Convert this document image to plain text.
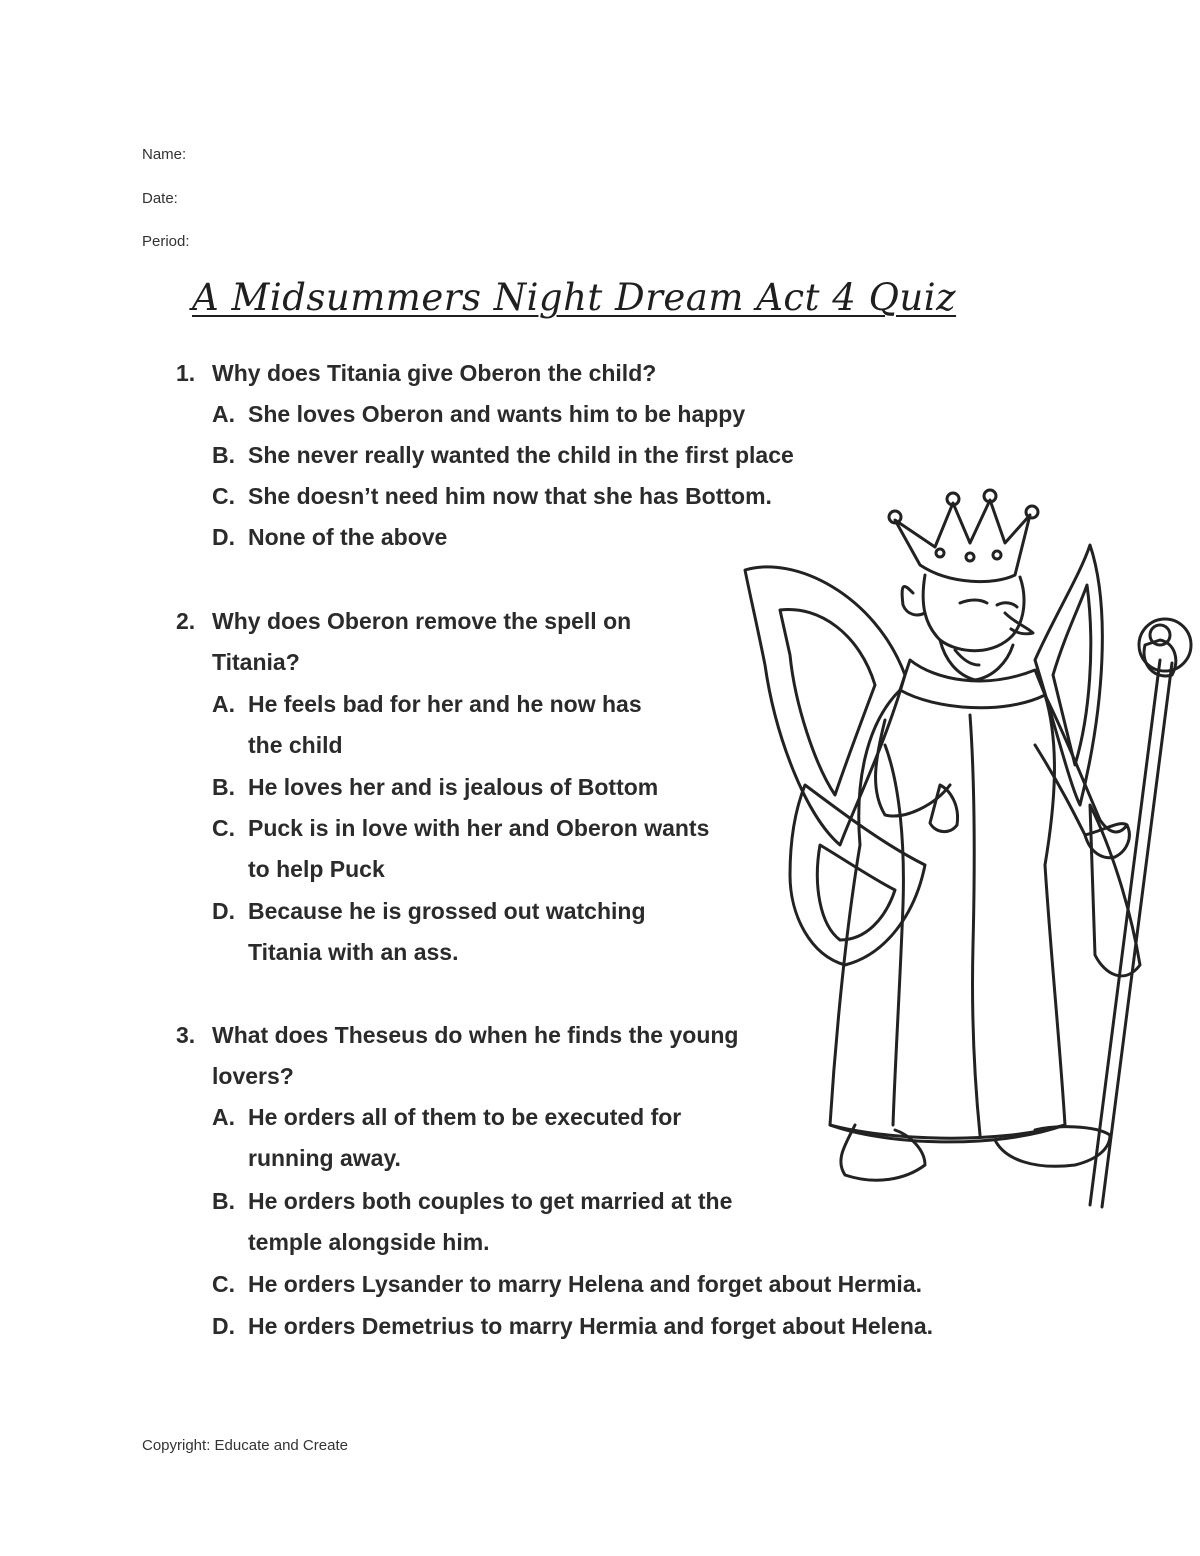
Name:
Date:
Period:
A Midsummers Night Dream Act 4 Quiz
1. Why does Titania give Oberon the child?
A. She loves Oberon and wants him to be happy
B. She never really wanted the child in the first place
C. She doesn’t need him now that she has Bottom.
D. None of the above
2. Why does Oberon remove the spell on
Titania?
A. He feels bad for her and he now has
the child
B. He loves her and is jealous of Bottom
C. Puck is in love with her and Oberon wants
to help Puck
D. Because he is grossed out watching
Titania with an ass.
3. What does Theseus do when he finds the young
lovers?
A. He orders all of them to be executed for
running away.
B. He orders both couples to get married at the
temple alongside him.
C. He orders Lysander to marry Helena and forget about Hermia.
D. He orders Demetrius to marry Hermia and forget about Helena.
Copyright: Educate and Create
